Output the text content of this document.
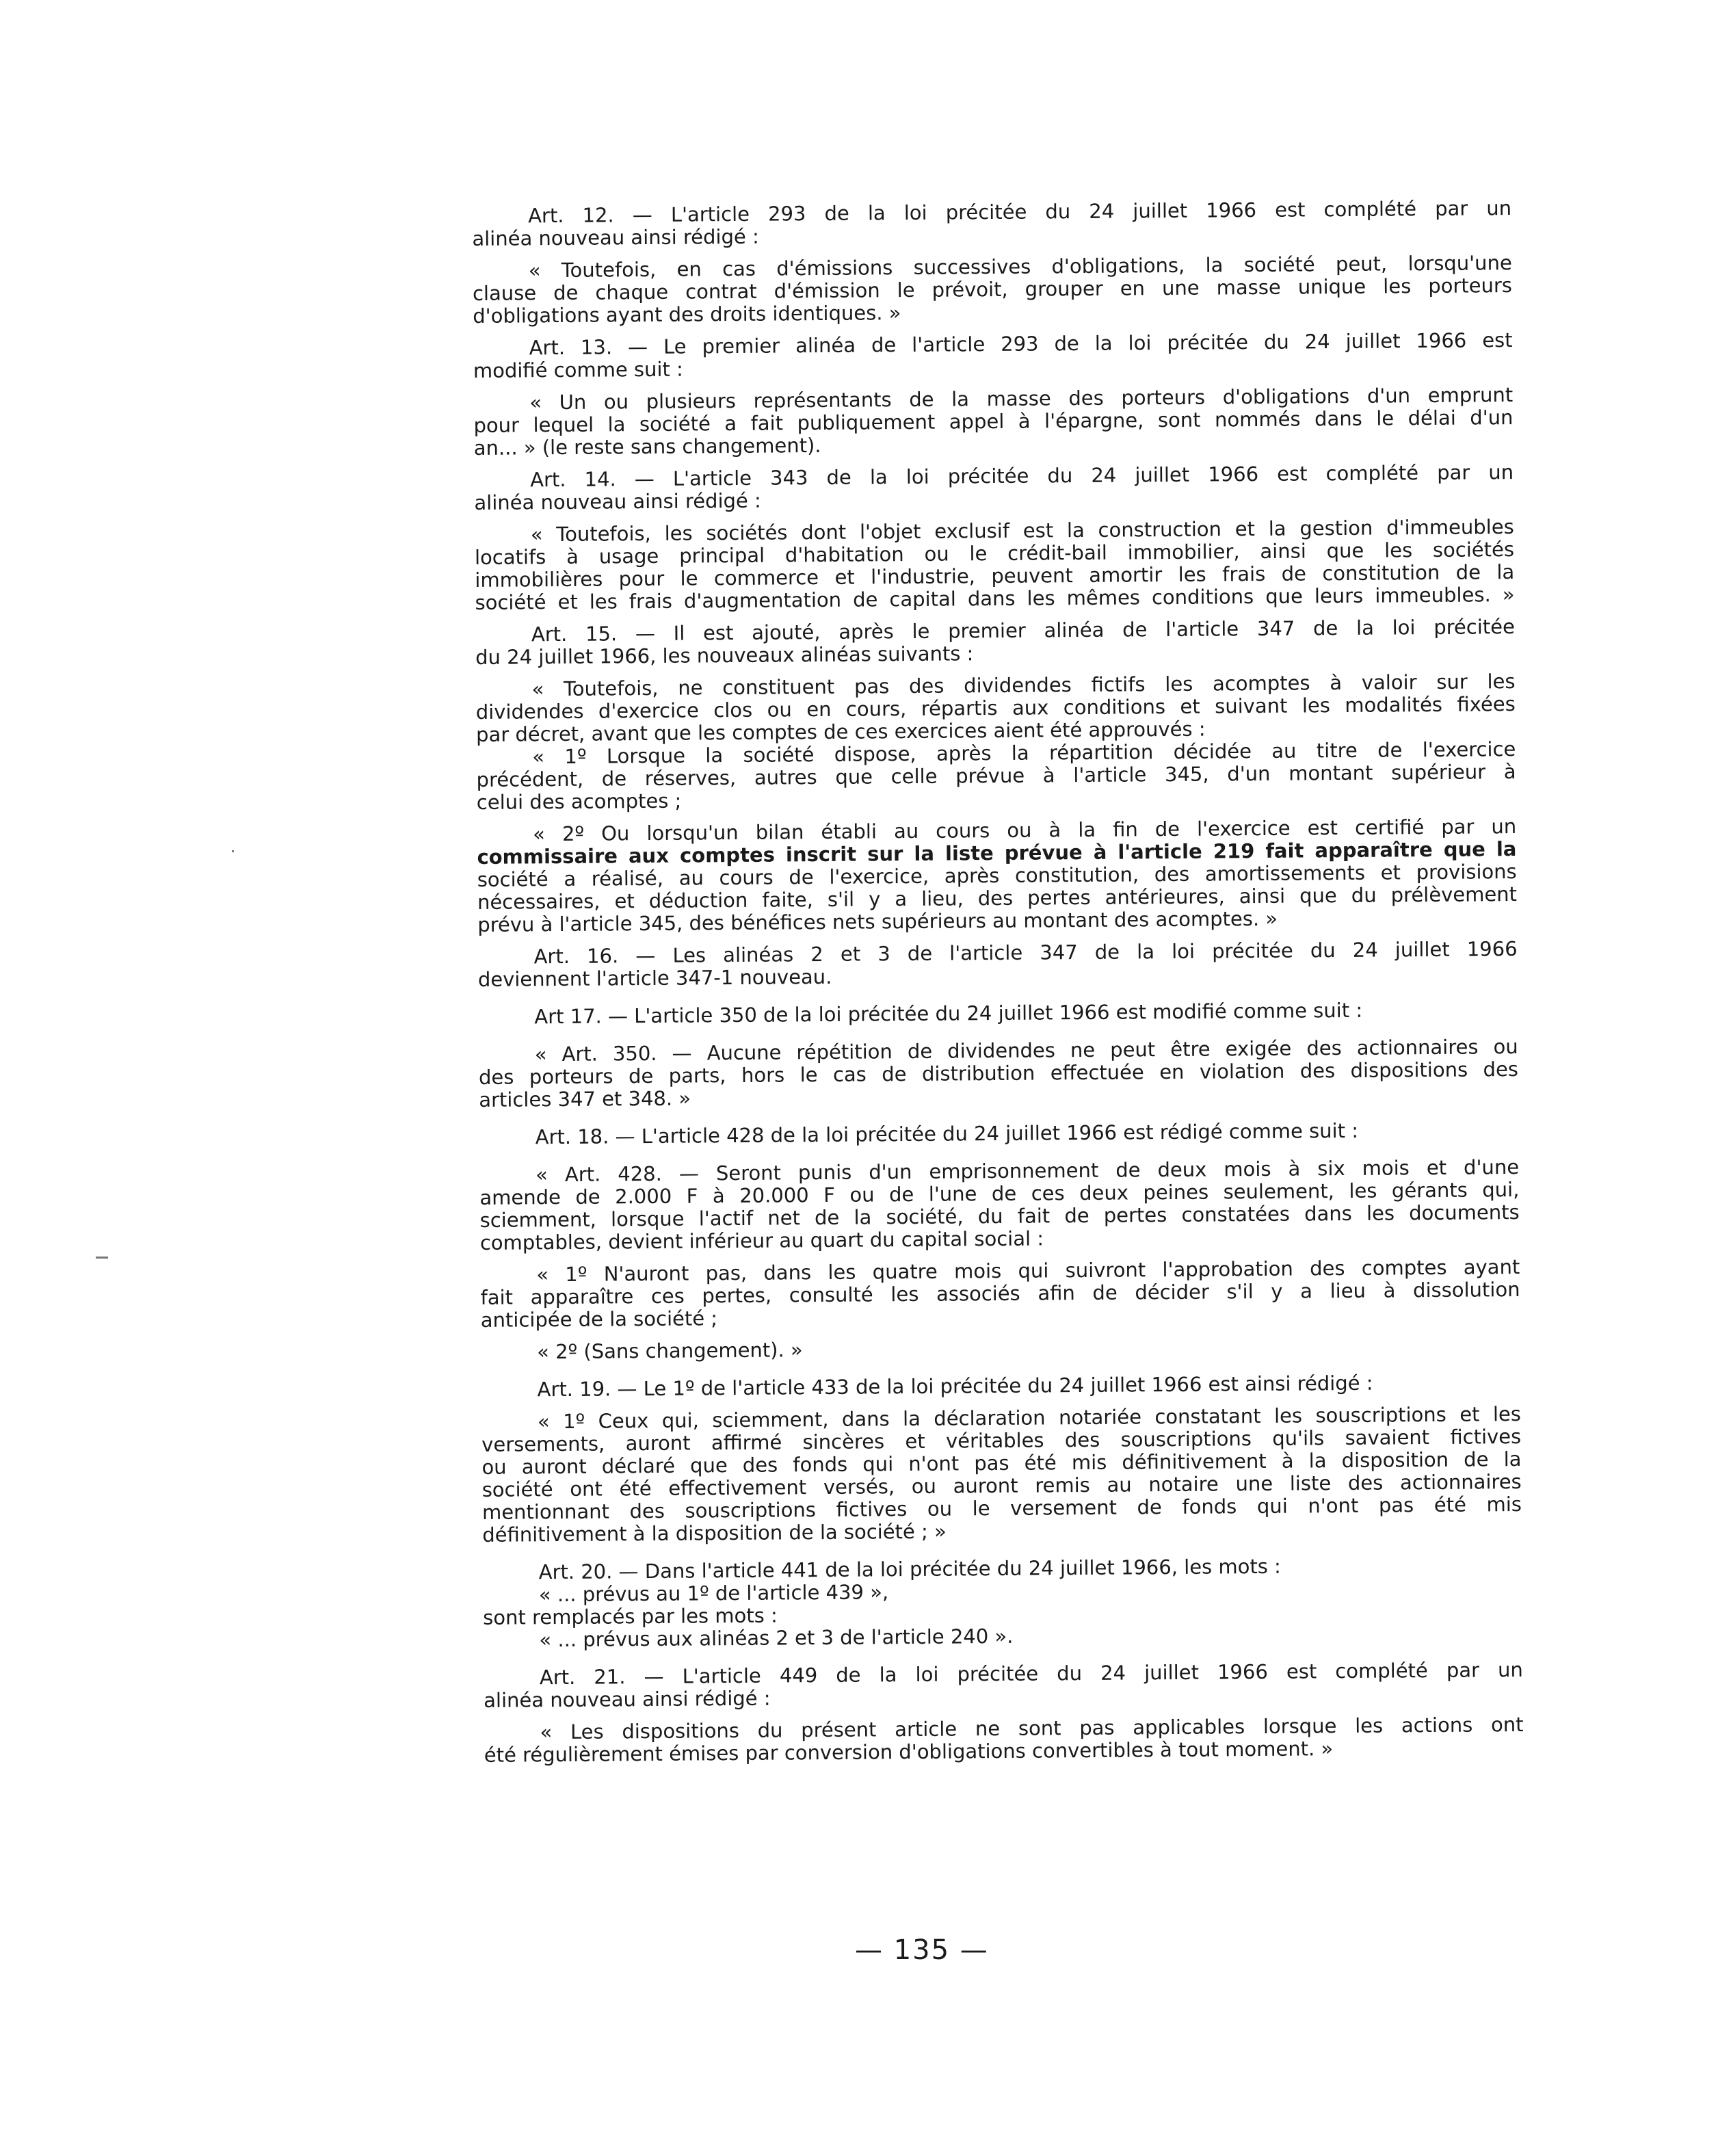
Art. 12. — L'article 293 de la loi précitée du 24 juillet 1966 est complété par un
alinéa nouveau ainsi rédigé :
« Toutefois, en cas d'émissions successives d'obligations, la société peut, lorsqu'une
clause de chaque contrat d'émission le prévoit, grouper en une masse unique les porteurs
d'obligations ayant des droits identiques. »
Art. 13. — Le premier alinéa de l'article 293 de la loi précitée du 24 juillet 1966 est
modifié comme suit :
« Un ou plusieurs représentants de la masse des porteurs d'obligations d'un emprunt
pour lequel la société a fait publiquement appel à l'épargne, sont nommés dans le délai d'un
an... » (le reste sans changement).
Art. 14. — L'article 343 de la loi précitée du 24 juillet 1966 est complété par un
alinéa nouveau ainsi rédigé :
« Toutefois, les sociétés dont l'objet exclusif est la construction et la gestion d'immeubles
locatifs à usage principal d'habitation ou le crédit-bail immobilier, ainsi que les sociétés
immobilières pour le commerce et l'industrie, peuvent amortir les frais de constitution de la
société et les frais d'augmentation de capital dans les mêmes conditions que leurs immeubles. »
Art. 15. — Il est ajouté, après le premier alinéa de l'article 347 de la loi précitée
du 24 juillet 1966, les nouveaux alinéas suivants :
« Toutefois, ne constituent pas des dividendes fictifs les acomptes à valoir sur les
dividendes d'exercice clos ou en cours, répartis aux conditions et suivant les modalités fixées
par décret, avant que les comptes de ces exercices aient été approuvés :
« 1º Lorsque la société dispose, après la répartition décidée au titre de l'exercice
précédent, de réserves, autres que celle prévue à l'article 345, d'un montant supérieur à
celui des acomptes ;
« 2º Ou lorsqu'un bilan établi au cours ou à la fin de l'exercice est certifié par un
commissaire aux comptes inscrit sur la liste prévue à l'article 219 fait apparaître que la
société a réalisé, au cours de l'exercice, après constitution, des amortissements et provisions
nécessaires, et déduction faite, s'il y a lieu, des pertes antérieures, ainsi que du prélèvement
prévu à l'article 345, des bénéfices nets supérieurs au montant des acomptes. »
Art. 16. — Les alinéas 2 et 3 de l'article 347 de la loi précitée du 24 juillet 1966
deviennent l'article 347-1 nouveau.
Art 17. — L'article 350 de la loi précitée du 24 juillet 1966 est modifié comme suit :
« Art. 350. — Aucune répétition de dividendes ne peut être exigée des actionnaires ou
des porteurs de parts, hors le cas de distribution effectuée en violation des dispositions des
articles 347 et 348. »
Art. 18. — L'article 428 de la loi précitée du 24 juillet 1966 est rédigé comme suit :
« Art. 428. — Seront punis d'un emprisonnement de deux mois à six mois et d'une
amende de 2.000 F à 20.000 F ou de l'une de ces deux peines seulement, les gérants qui,
sciemment, lorsque l'actif net de la société, du fait de pertes constatées dans les documents
comptables, devient inférieur au quart du capital social :
« 1º N'auront pas, dans les quatre mois qui suivront l'approbation des comptes ayant
fait apparaître ces pertes, consulté les associés afin de décider s'il y a lieu à dissolution
anticipée de la société ;
« 2º (Sans changement). »
Art. 19. — Le 1º de l'article 433 de la loi précitée du 24 juillet 1966 est ainsi rédigé :
« 1º Ceux qui, sciemment, dans la déclaration notariée constatant les souscriptions et les
versements, auront affirmé sincères et véritables des souscriptions qu'ils savaient fictives
ou auront déclaré que des fonds qui n'ont pas été mis définitivement à la disposition de la
société ont été effectivement versés, ou auront remis au notaire une liste des actionnaires
mentionnant des souscriptions fictives ou le versement de fonds qui n'ont pas été mis
définitivement à la disposition de la société ; »
Art. 20. — Dans l'article 441 de la loi précitée du 24 juillet 1966, les mots :
« ... prévus au 1º de l'article 439 »,
sont remplacés par les mots :
« ... prévus aux alinéas 2 et 3 de l'article 240 ».
Art. 21. — L'article 449 de la loi précitée du 24 juillet 1966 est complété par un
alinéa nouveau ainsi rédigé :
« Les dispositions du présent article ne sont pas applicables lorsque les actions ont
été régulièrement émises par conversion d'obligations convertibles à tout moment. »
— 135 —
